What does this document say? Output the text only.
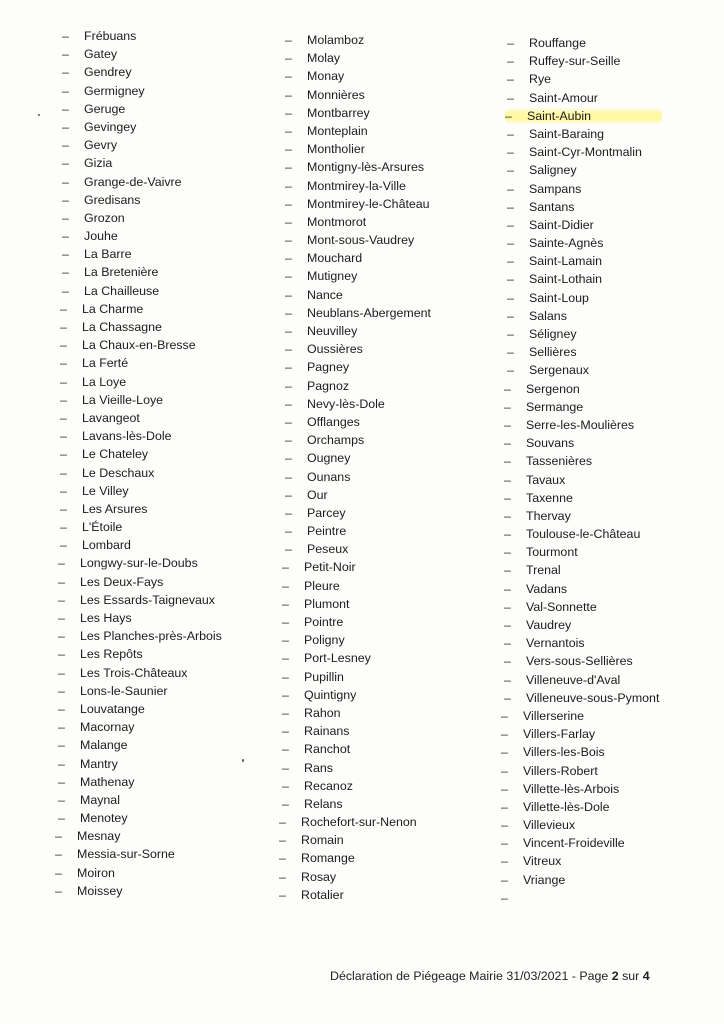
–	Frébuans
–	Gatey
–	Gendrey
–	Germigney
–	Geruge
–	Gevingey
–	Gevry
–	Gizia
–	Grange-de-Vaivre
–	Gredisans
–	Grozon
–	Jouhe
–	La Barre
–	La Bretenière
–	La Chailleuse
–	La Charme
–	La Chassagne
–	La Chaux-en-Bresse
–	La Ferté
–	La Loye
–	La Vieille-Loye
–	Lavangeot
–	Lavans-lès-Dole
–	Le Chateley
–	Le Deschaux
–	Le Villey
–	Les Arsures
–	L'Étoile
–	Lombard
–	Longwy-sur-le-Doubs
–	Les Deux-Fays
–	Les Essards-Taignevaux
–	Les Hays
–	Les Planches-près-Arbois
–	Les Repôts
–	Les Trois-Châteaux
–	Lons-le-Saunier
–	Louvatange
–	Macornay
–	Malange
–	Mantry
–	Mathenay
–	Maynal
–	Menotey
–	Mesnay
–	Messia-sur-Sorne
–	Moiron
–	Moissey
–	Molamboz
–	Molay
–	Monay
–	Monnières
–	Montbarrey
–	Monteplain
–	Montholier
–	Montigny-lès-Arsures
–	Montmirey-la-Ville
–	Montmirey-le-Château
–	Montmorot
–	Mont-sous-Vaudrey
–	Mouchard
–	Mutigney
–	Nance
–	Neublans-Abergement
–	Neuvilley
–	Oussières
–	Pagney
–	Pagnoz
–	Nevy-lès-Dole
–	Offlanges
–	Orchamps
–	Ougney
–	Ounans
–	Our
–	Parcey
–	Peintre
–	Peseux
–	Petit-Noir
–	Pleure
–	Plumont
–	Pointre
–	Poligny
–	Port-Lesney
–	Pupillin
–	Quintigny
–	Rahon
–	Rainans
–	Ranchot
–	Rans
–	Recanoz
–	Relans
–	Rochefort-sur-Nenon
–	Romain
–	Romange
–	Rosay
–	Rotalier
–	Rouffange
–	Ruffey-sur-Seille
–	Rye
–	Saint-Amour
–	Saint-Aubin
–	Saint-Baraing
–	Saint-Cyr-Montmalin
–	Saligney
–	Sampans
–	Santans
–	Saint-Didier
–	Sainte-Agnès
–	Saint-Lamain
–	Saint-Lothain
–	Saint-Loup
–	Salans
–	Séligney
–	Sellières
–	Sergenaux
–	Sergenon
–	Sermange
–	Serre-les-Moulières
–	Souvans
–	Tassenières
–	Tavaux
–	Taxenne
–	Thervay
–	Toulouse-le-Château
–	Tourmont
–	Trenal
–	Vadans
–	Val-Sonnette
–	Vaudrey
–	Vernantois
–	Vers-sous-Sellières
–	Villeneuve-d'Aval
–	Villeneuve-sous-Pymont
–	Villerserine
–	Villers-Farlay
–	Villers-les-Bois
–	Villers-Robert
–	Villette-lès-Arbois
–	Villette-lès-Dole
–	Villevieux
–	Vincent-Froideville
–	Vitreux
–	Vriange
–
Déclaration de Piégeage Mairie 31/03/2021 - Page 2 sur 4
